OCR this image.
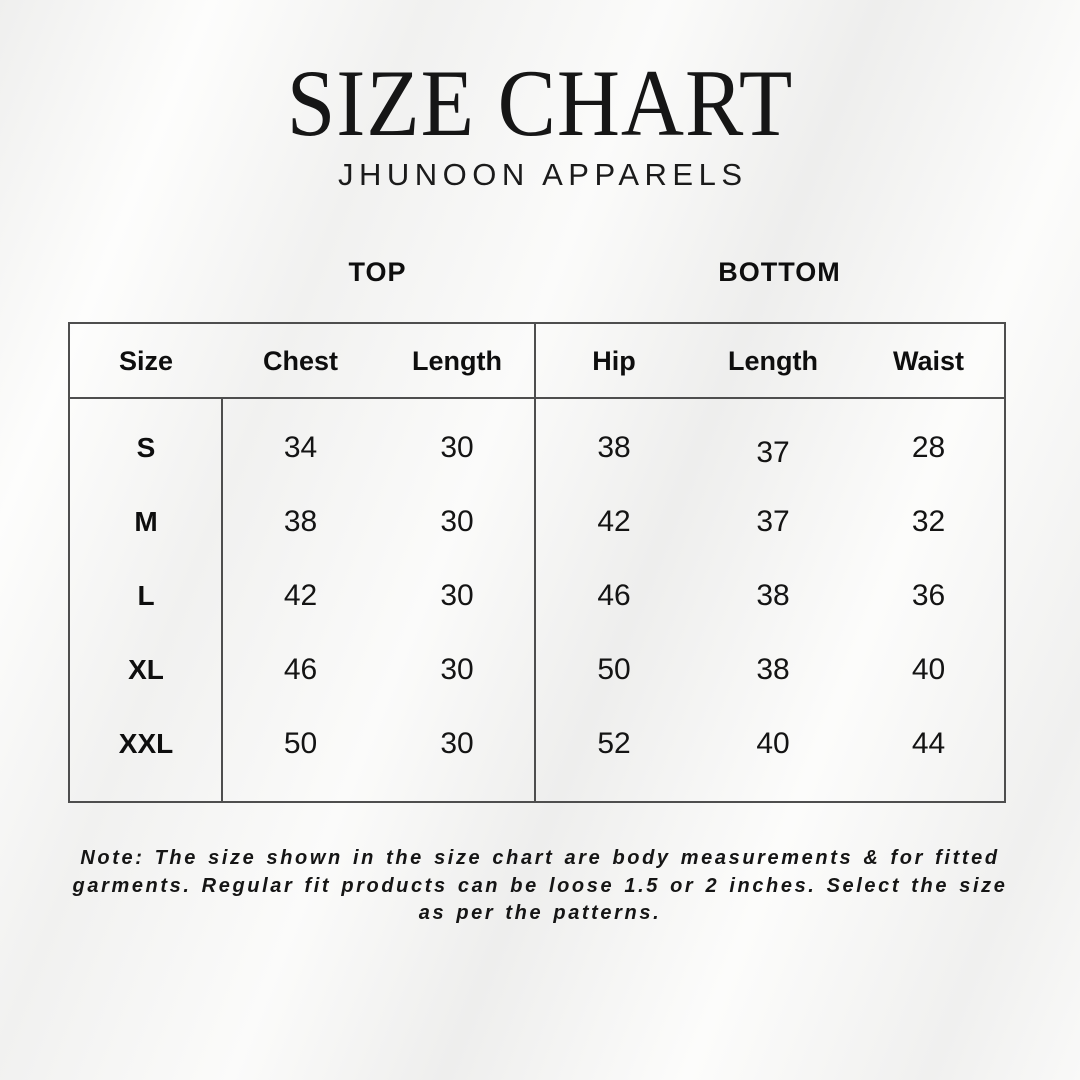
SIZE CHART
JHUNOON APPARELS
TOP	BOTTOM
Size	Chest	Length	Hip	Length	Waist
S	34	30	38	37	28
M	38	30	42	37	32
L	42	30	46	38	36
XL	46	30	50	38	40
XXL	50	30	52	40	44

Note: The size shown in the size chart are body measurements & for fitted garments. Regular fit products can be loose 1.5 or 2 inches. Select the size as per the patterns.
